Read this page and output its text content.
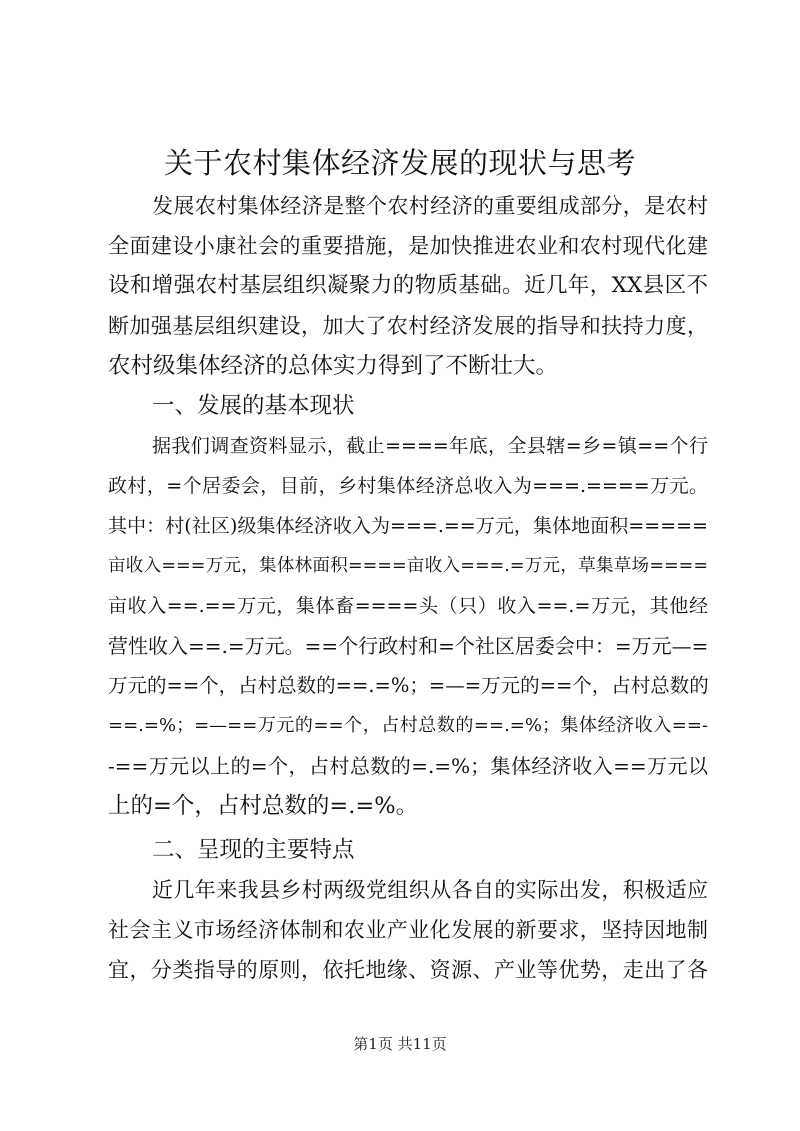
关于农村集体经济发展的现状与思考
发展农村集体经济是整个农村经济的重要组成部分，是农村
全面建设小康社会的重要措施，是加快推进农业和农村现代化建
设和增强农村基层组织凝聚力的物质基础。近几年，XX县区不
断加强基层组织建设，加大了农村经济发展的指导和扶持力度，
农村级集体经济的总体实力得到了不断壮大。
一、发展的基本现状
据我们调查资料显示，截止====年底，全县辖=乡=镇==个行
政村，=个居委会，目前，乡村集体经济总收入为===.====万元。
其中：村(社区)级集体经济收入为===.==万元，集体地面积=====
亩收入===万元，集体林面积====亩收入===.=万元，草集草场====
亩收入==.==万元，集体畜====头（只）收入==.=万元，其他经
营性收入==.=万元。==个行政村和=个社区居委会中：=万元—=
万元的==个，占村总数的==.=%；=—=万元的==个，占村总数的
==.=%；=—==万元的==个，占村总数的==.=%；集体经济收入==-
-==万元以上的=个，占村总数的=.=%；集体经济收入==万元以
上的=个，占村总数的=.=%。
二、呈现的主要特点
近几年来我县乡村两级党组织从各自的实际出发，积极适应
社会主义市场经济体制和农业产业化发展的新要求，坚持因地制
宜，分类指导的原则，依托地缘、资源、产业等优势，走出了各
第1页 共11页
